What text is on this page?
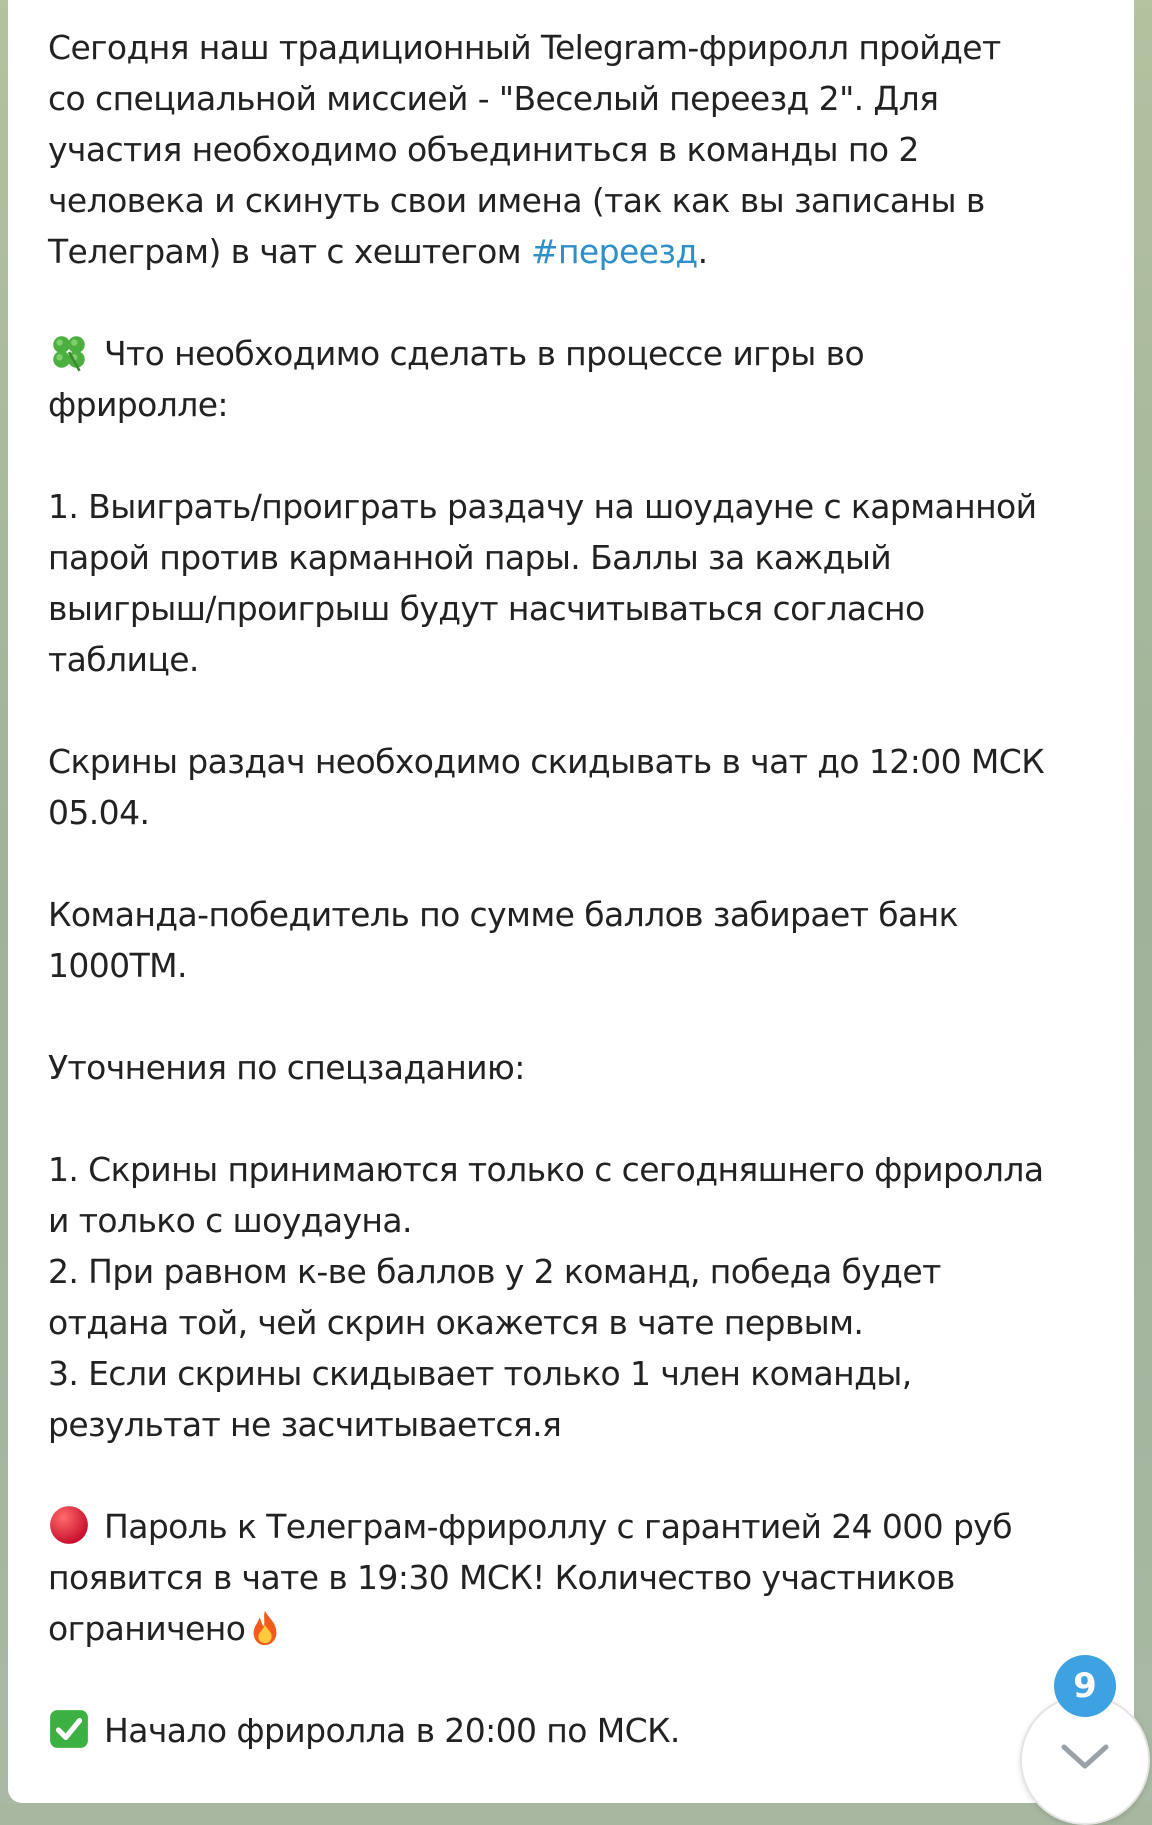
Сегодня наш традиционный Telegram-фриролл пройдет
со специальной миссией - "Веселый переезд 2". Для
участия необходимо объединиться в команды по 2
человека и скинуть свои имена (так как вы записаны в
Телеграм) в чат с хештегом #переезд.

Что необходимо сделать в процессе игры во
фриролле:

1. Выиграть/проиграть раздачу на шоудауне с карманной
парой против карманной пары. Баллы за каждый
выигрыш/проигрыш будут насчитываться согласно
таблице.

Скрины раздач необходимо скидывать в чат до 12:00 МСК
05.04.

Команда-победитель по сумме баллов забирает банк
1000ТМ.

Уточнения по спецзаданию:

1. Скрины принимаются только с сегодняшнего фриролла
и только с шоудауна.
2. При равном к-ве баллов у 2 команд, победа будет
отдана той, чей скрин окажется в чате первым.
3. Если скрины скидывает только 1 член команды,
результат не засчитывается.я

Пароль к Телеграм-фрироллу с гарантией 24 000 руб
появится в чате в 19:30 МСК! Количество участников
ограничено

Начало фриролла в 20:00 по МСК.

9
